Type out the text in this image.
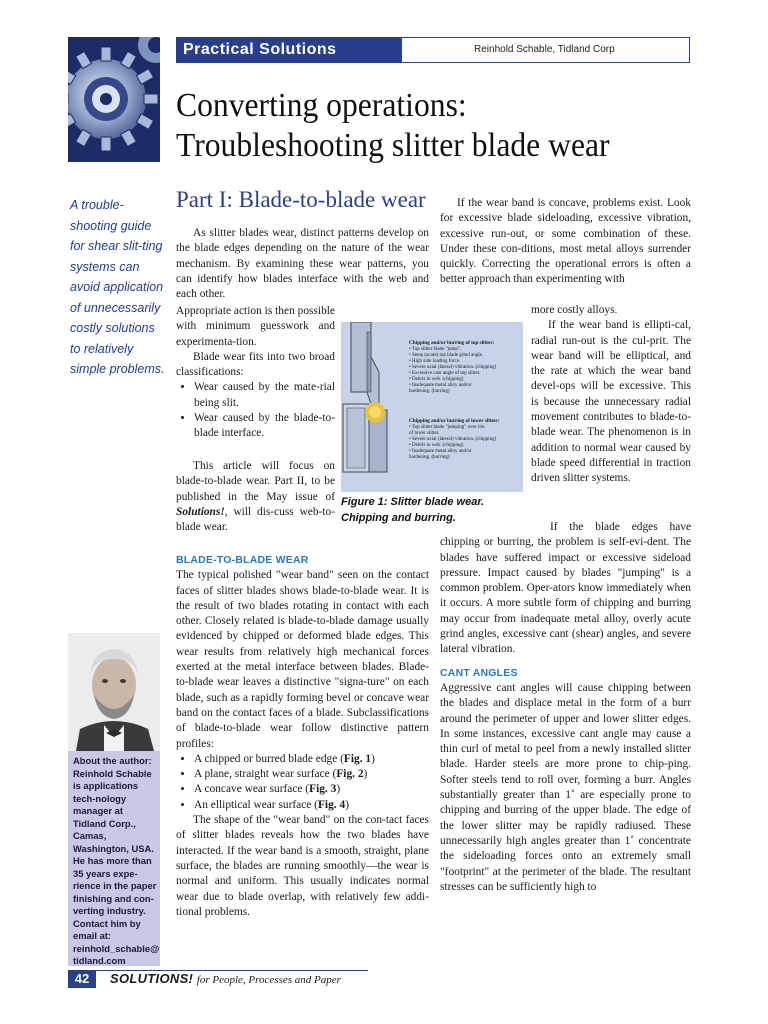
Practical Solutions	Reinhold Schable, Tidland Corp
Converting operations:
Troubleshooting slitter blade wear
A trouble-shooting guide for shear slit-ting systems can avoid application of unnecessarily costly solutions to relatively simple problems.
Part I: Blade-to-blade wear

As slitter blades wear, distinct patterns develop on the blade edges depending on the nature of the wear mechanism. By examining these wear patterns, you can identify how blades interface with the web and each other.

Appropriate action is then possible with minimum guesswork and experimenta-tion.

Blade wear fits into two broad classifications:

• Wear caused by the mate-rial being slit.
• Wear caused by the blade-to-blade interface.

This article will focus on blade-to-blade wear. Part II, to be published in the May issue of Solutions!, will dis-cuss web-to-blade wear.

BLADE-TO-BLADE WEAR

The typical polished "wear band" seen on the contact faces of slitter blades shows blade-to-blade wear. It is the result of two blades rotating in contact with each other. Closely related is blade-to-blade damage usually evidenced by chipped or deformed blade edges. This wear results from relatively high mechanical forces exerted at the metal interface between blades. Blade-to-blade wear leaves a distinctive "signa-ture" on each blade, such as a rapidly forming bevel or concave wear band on the contact faces of a blade. Subclassifications of blade-to-blade wear follow distinctive pattern profiles:

• A chipped or burred blade edge (Fig. 1)
• A plane, straight wear surface (Fig. 2)
• A concave wear surface (Fig. 3)
• An elliptical wear surface (Fig. 4)

The shape of the "wear band" on the con-tact faces of slitter blades reveals how the two blades have interacted. If the wear band is a smooth, straight, plane surface, the blades are running smoothly—the wear is normal and uniform. This usually indicates normal wear due to blade overlap, with relatively few addi-tional problems.

If the wear band is concave, problems exist. Look for excessive blade sideloading, excessive vibration, excessive run-out, or some combination of these. Under these con-ditions, most metal alloys surrender quickly. Correcting the operational errors is often a better approach than experimenting with

more costly alloys.

If the wear band is ellipti-cal, radial run-out is the cul-prit. The wear band will be elliptical, and the rate at which the wear band devel-ops will be excessive. This is because the unnecessary radial movement contributes to blade-to-blade wear. The phenomenon is in addition to normal wear caused by blade speed differential in traction driven slitter systems.

If the blade edges have chipping or burring, the problem is self-evi-dent. The blades have suffered impact or excessive sideload pressure. Impact caused by blades "jumping" is a common problem. Oper-ators know immediately when it occurs. A more subtle form of chipping and burring may occur from inadequate metal alloy, overly acute grind angles, excessive cant (shear) angles, and severe lateral vibration.

CANT ANGLES

Aggressive cant angles will cause chipping between the blades and displace metal in the form of a burr around the perimeter of upper and lower slitter edges. In some instances, excessive cant angle may cause a thin curl of metal to peel from a newly installed slitter blade. Harder steels are more prone to chip-ping. Softer steels tend to roll over, forming a burr. Angles substantially greater than 1˚ are especially prone to chipping and burring of the upper blade. The edge of the lower slitter may be rapidly radiused. These unnecessarily high angles greater than 1˚ concentrate the sideloading forces onto an extremely small "footprint" at the perimeter of the blade. The resultant stresses can be sufficiently high to

Chipping and/or burring of top slitter:
• Top slitter blade "jump".
• Steep (acute) top blade grind angle.
• High side loading force.
• Severe axial (lateral) vibration. (chipping)
• Excessive cant angle of top slitter.
• Debris in web. (chipping)
• Inadequate metal alloy and/or
hardening. (burring)
Chipping and/or burring of lower slitter:
• Top slitter blade "jumping" over rim
of lower slitter.
• Severe axial (lateral) vibration. (chipping)
• Debris in web. (chipping).
• Inadequate metal alloy and/or
hardening. (burring)
Figure 1: Slitter blade wear. Chipping and burring.
About the author: Reinhold Schable is applications tech-nology manager at Tidland Corp., Camas, Washington, USA. He has more than 35 years expe-rience in the paper finishing and con-verting industry. Contact him by email at: reinhold_schable@ tidland.com
42	SOLUTIONS! for People, Processes and Paper
